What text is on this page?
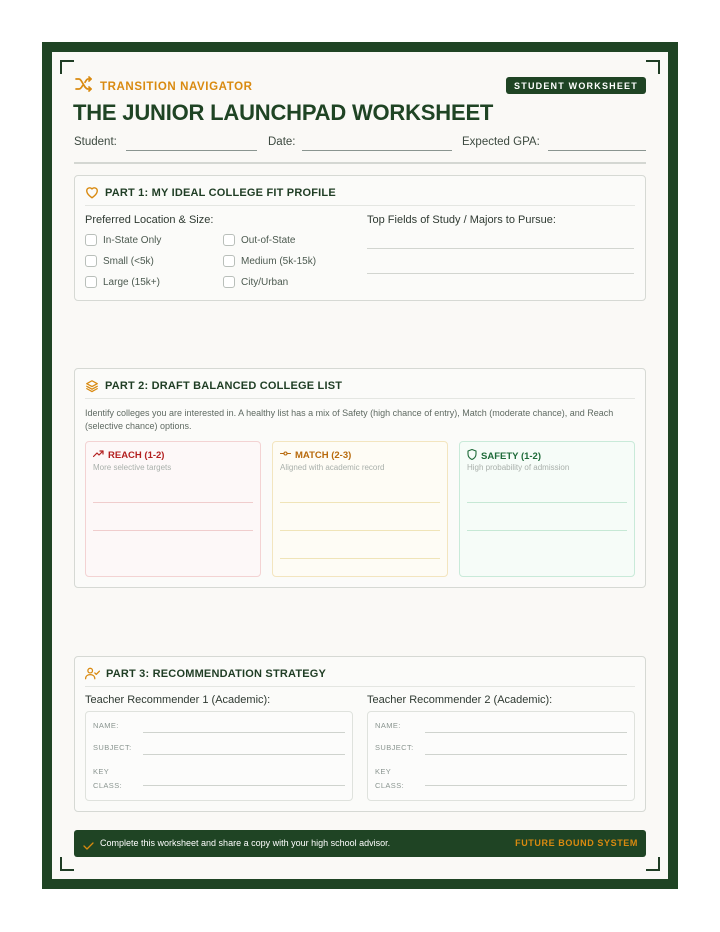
TRANSITION NAVIGATOR	STUDENT WORKSHEET
THE JUNIOR LAUNCHPAD WORKSHEET
Student:	Date:	Expected GPA:
PART 1: MY IDEAL COLLEGE FIT PROFILE
Preferred Location & Size:
In-State Only	Out-of-State
Small (<5k)	Medium (5k-15k)
Large (15k+)	City/Urban
Top Fields of Study / Majors to Pursue:
PART 2: DRAFT BALANCED COLLEGE LIST
Identify colleges you are interested in. A healthy list has a mix of Safety (high chance of entry), Match (moderate chance), and Reach (selective chance) options.
REACH (1-2)
More selective targets
MATCH (2-3)
Aligned with academic record
SAFETY (1-2)
High probability of admission
PART 3: RECOMMENDATION STRATEGY
Teacher Recommender 1 (Academic):	Teacher Recommender 2 (Academic):
NAME:
SUBJECT:
KEY
CLASS:
NAME:
SUBJECT:
KEY
CLASS:
Complete this worksheet and share a copy with your high school advisor.	FUTURE BOUND SYSTEM
